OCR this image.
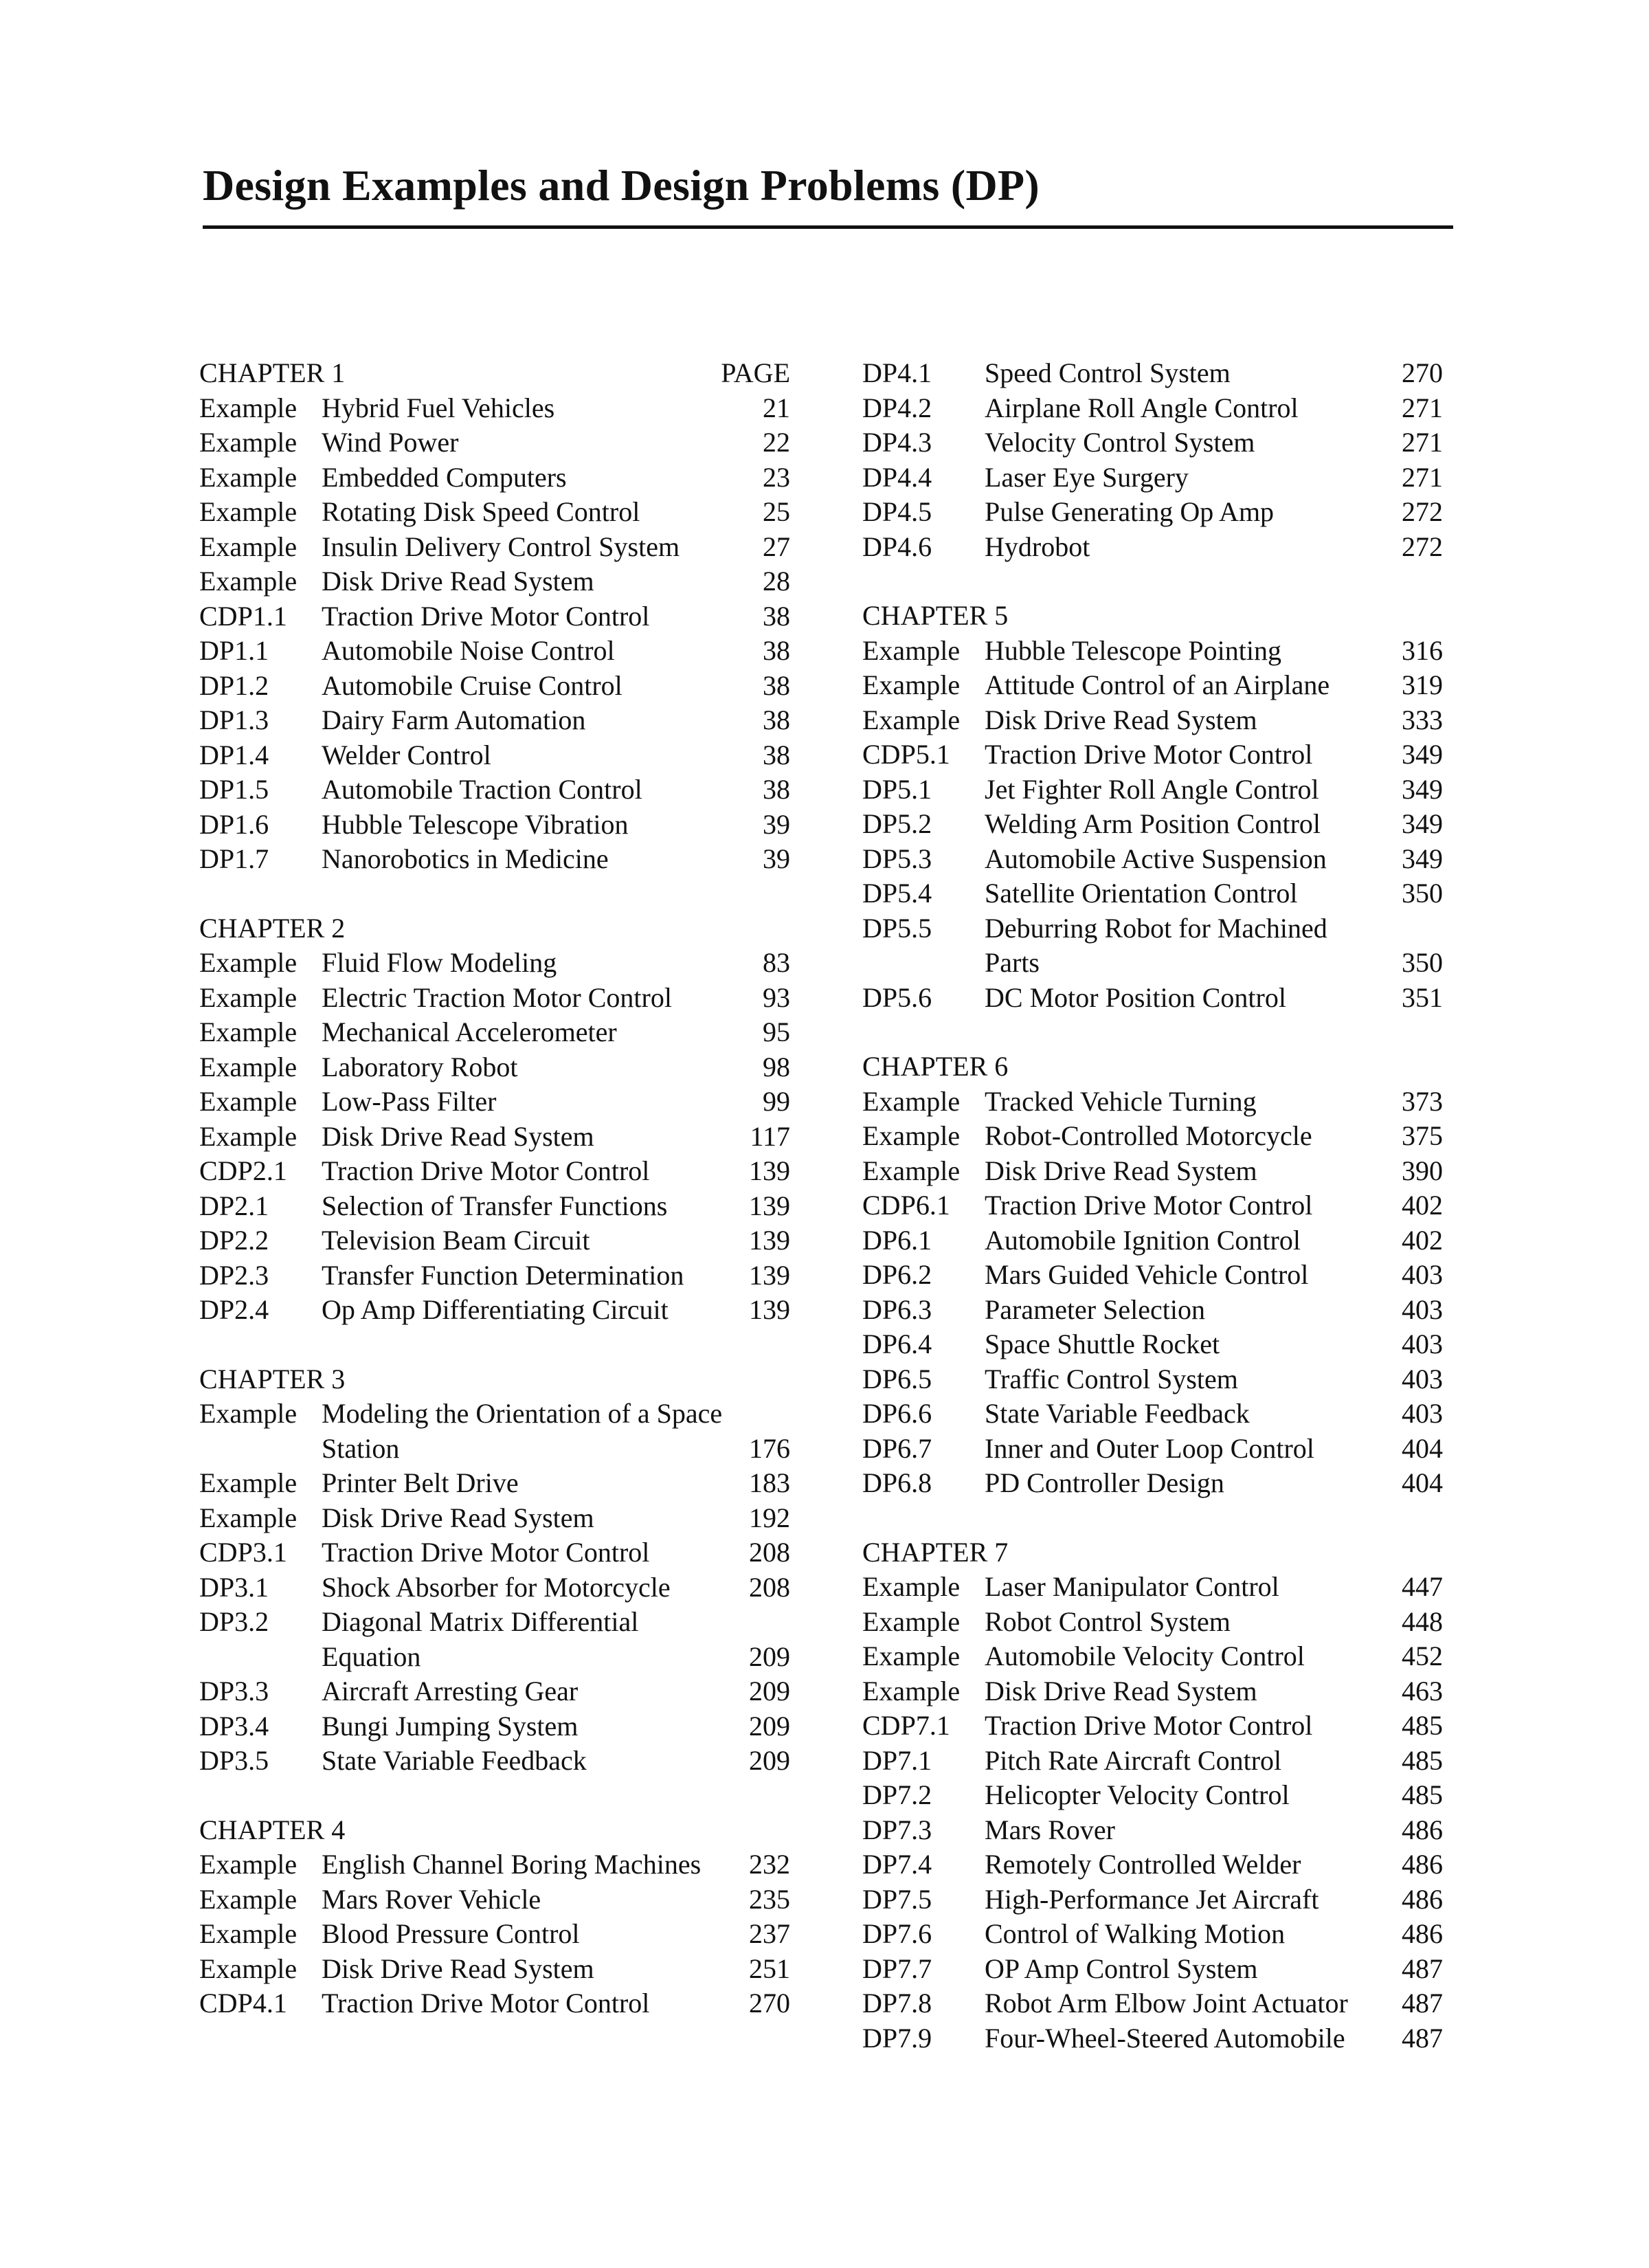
Design Examples and Design Problems (DP)
CHAPTER 1	PAGE
Example Hybrid Fuel Vehicles	21
Example Wind Power	22
Example Embedded Computers	23
Example Rotating Disk Speed Control	25
Example Insulin Delivery Control System	27
Example Disk Drive Read System	28
CDP1.1	Traction Drive Motor Control	38
DP1.1	Automobile Noise Control	38
DP1.2	Automobile Cruise Control	38
DP1.3	Dairy Farm Automation	38
DP1.4	Welder Control	38
DP1.5	Automobile Traction Control	38
DP1.6	Hubble Telescope Vibration	39
DP1.7	Nanorobotics in Medicine	39
CHAPTER 2
Example Fluid Flow Modeling	83
Example Electric Traction Motor Control	93
Example Mechanical Accelerometer	95
Example Laboratory Robot	98
Example Low-Pass Filter	99
Example Disk Drive Read System	117
CDP2.1	Traction Drive Motor Control	139
DP2.1	Selection of Transfer Functions	139
DP2.2	Television Beam Circuit	139
DP2.3	Transfer Function Determination	139
DP2.4	Op Amp Differentiating Circuit	139
CHAPTER 3
Example Modeling the Orientation of a Space Station	176
Example Printer Belt Drive	183
Example Disk Drive Read System	192
CDP3.1	Traction Drive Motor Control	208
DP3.1	Shock Absorber for Motorcycle	208
DP3.2	Diagonal Matrix Differential Equation	209
DP3.3	Aircraft Arresting Gear	209
DP3.4	Bungi Jumping System	209
DP3.5	State Variable Feedback	209
CHAPTER 4
Example English Channel Boring Machines	232
Example Mars Rover Vehicle	235
Example Blood Pressure Control	237
Example Disk Drive Read System	251
CDP4.1	Traction Drive Motor Control	270
DP4.1	Speed Control System	270
DP4.2	Airplane Roll Angle Control	271
DP4.3	Velocity Control System	271
DP4.4	Laser Eye Surgery	271
DP4.5	Pulse Generating Op Amp	272
DP4.6	Hydrobot	272
CHAPTER 5
Example Hubble Telescope Pointing	316
Example Attitude Control of an Airplane	319
Example Disk Drive Read System	333
CDP5.1	Traction Drive Motor Control	349
DP5.1	Jet Fighter Roll Angle Control	349
DP5.2	Welding Arm Position Control	349
DP5.3	Automobile Active Suspension	349
DP5.4	Satellite Orientation Control	350
DP5.5	Deburring Robot for Machined Parts	350
DP5.6	DC Motor Position Control	351
CHAPTER 6
Example Tracked Vehicle Turning	373
Example Robot-Controlled Motorcycle	375
Example Disk Drive Read System	390
CDP6.1	Traction Drive Motor Control	402
DP6.1	Automobile Ignition Control	402
DP6.2	Mars Guided Vehicle Control	403
DP6.3	Parameter Selection	403
DP6.4	Space Shuttle Rocket	403
DP6.5	Traffic Control System	403
DP6.6	State Variable Feedback	403
DP6.7	Inner and Outer Loop Control	404
DP6.8	PD Controller Design	404
CHAPTER 7
Example Laser Manipulator Control	447
Example Robot Control System	448
Example Automobile Velocity Control	452
Example Disk Drive Read System	463
CDP7.1	Traction Drive Motor Control	485
DP7.1	Pitch Rate Aircraft Control	485
DP7.2	Helicopter Velocity Control	485
DP7.3	Mars Rover	486
DP7.4	Remotely Controlled Welder	486
DP7.5	High-Performance Jet Aircraft	486
DP7.6	Control of Walking Motion	486
DP7.7	OP Amp Control System	487
DP7.8	Robot Arm Elbow Joint Actuator	487
DP7.9	Four-Wheel-Steered Automobile	487
